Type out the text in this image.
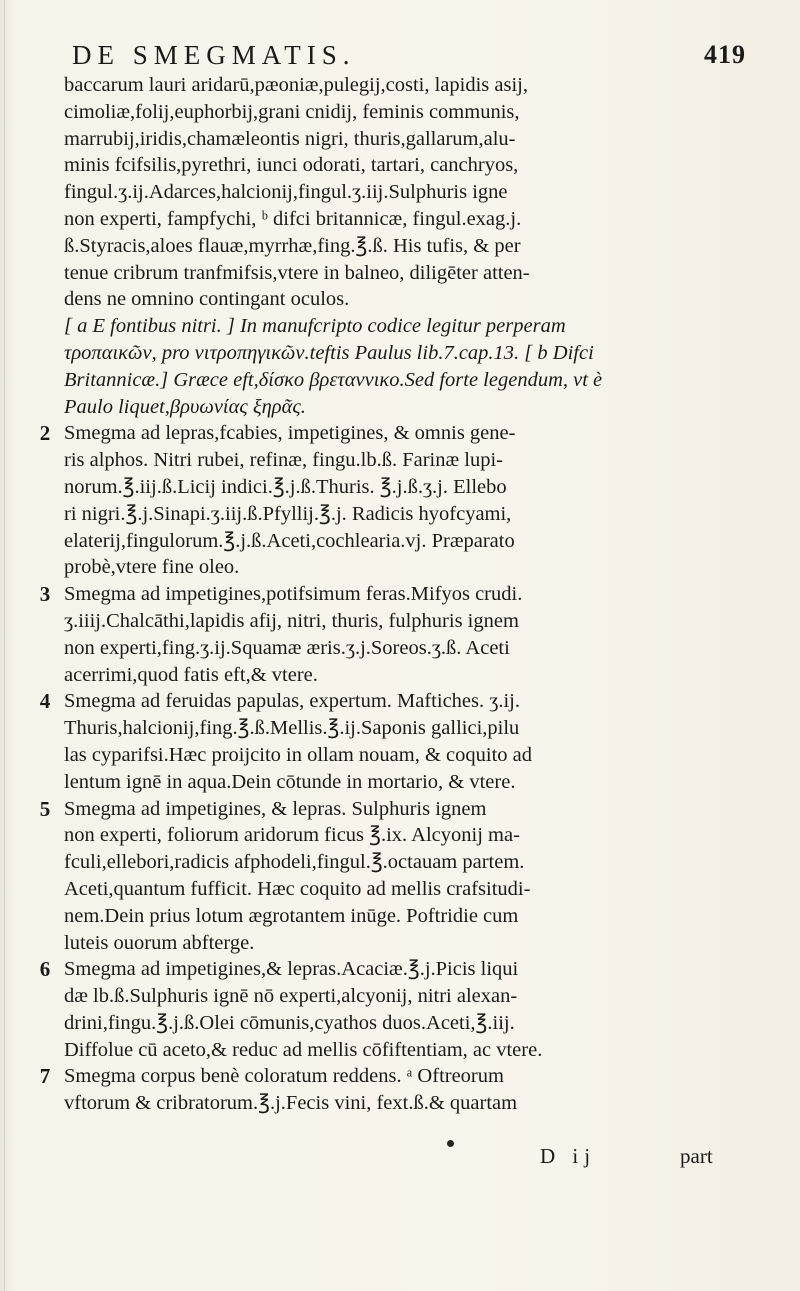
DE SMEGMATIS.	419
baccarum lauri aridarū,pæoniæ,pulegij,costi, lapidis asij,
cimoliæ,folij,euphorbij,grani cnidij, feminis communis,
marrubij,iridis,chamæleontis nigri, thuris,gallarum,alu-
minis fcifsilis,pyrethri, iunci odorati, tartari, canchryos,
fingul.ʒ.ij.Adarces,halcionij,fingul.ʒ.iij.Sulphuris igne
non experti, fampfychi, ᵇ difci britannicæ, fingul.exag.j.
ß.Styracis,aloes flauæ,myrrhæ,fing.℥.ß. His tufis, & per
tenue cribrum tranfmifsis,vtere in balneo, diligēter atten-
dens ne omnino contingant oculos.
[ a E fontibus nitri. ] In manufcripto codice legitur perperam
τροπαικῶν, pro νιτροπηγικῶν.teftis Paulus lib.7.cap.13. [ b Difci
Britannicæ.] Græce eft,δίσκο βρεταννικο.Sed forte legendum, vt è
Paulo liquet,βρυωνίας ξηρᾶς.
2 Smegma ad lepras,fcabies, impetigines, & omnis gene-
ris alphos. Nitri rubei, refinæ, fingu.lb.ß. Farinæ lupi-
norum.℥.iij.ß.Licij indici.℥.j.ß.Thuris. ℥.j.ß.ʒ.j. Ellebo
ri nigri.℥.j.Sinapi.ʒ.iij.ß.Pfyllij.℥.j. Radicis hyofcyami,
elaterij,fingulorum.℥.j.ß.Aceti,cochlearia.vj. Præparato
probè,vtere fine oleo.
3 Smegma ad impetigines,potifsimum feras.Mifyos crudi.
ʒ.iiij.Chalcāthi,lapidis afij, nitri, thuris, fulphuris ignem
non experti,fing.ʒ.ij.Squamæ æris.ʒ.j.Soreos.ʒ.ß. Aceti
acerrimi,quod fatis eft,& vtere.
4 Smegma ad feruidas papulas, expertum. Maftiches. ʒ.ij.
Thuris,halcionij,fing.℥.ß.Mellis.℥.ij.Saponis gallici,pilu
las cyparifsi.Hæc proijcito in ollam nouam, & coquito ad
lentum ignē in aqua.Dein cōtunde in mortario, & vtere.
5 Smegma ad impetigines, & lepras. Sulphuris ignem
non experti, foliorum aridorum ficus ℥.ix. Alcyonij ma-
fculi,ellebori,radicis afphodeli,fingul.℥.octauam partem.
Aceti,quantum fufficit. Hæc coquito ad mellis crafsitudi-
nem.Dein prius lotum ægrotantem inūge. Poftridie cum
luteis ouorum abfterge.
6 Smegma ad impetigines,& lepras.Acaciæ.℥.j.Picis liqui
dæ lb.ß.Sulphuris ignē nō experti,alcyonij, nitri alexan-
drini,fingu.℥.j.ß.Olei cōmunis,cyathos duos.Aceti,℥.iij.
Diffolue cū aceto,& reduc ad mellis cōfiftentiam, ac vtere.
7 Smegma corpus benè coloratum reddens. ᵃ Oftreorum
vftorum & cribratorum.℥.j.Fecis vini, fext.ß.& quartam
D ij	part
